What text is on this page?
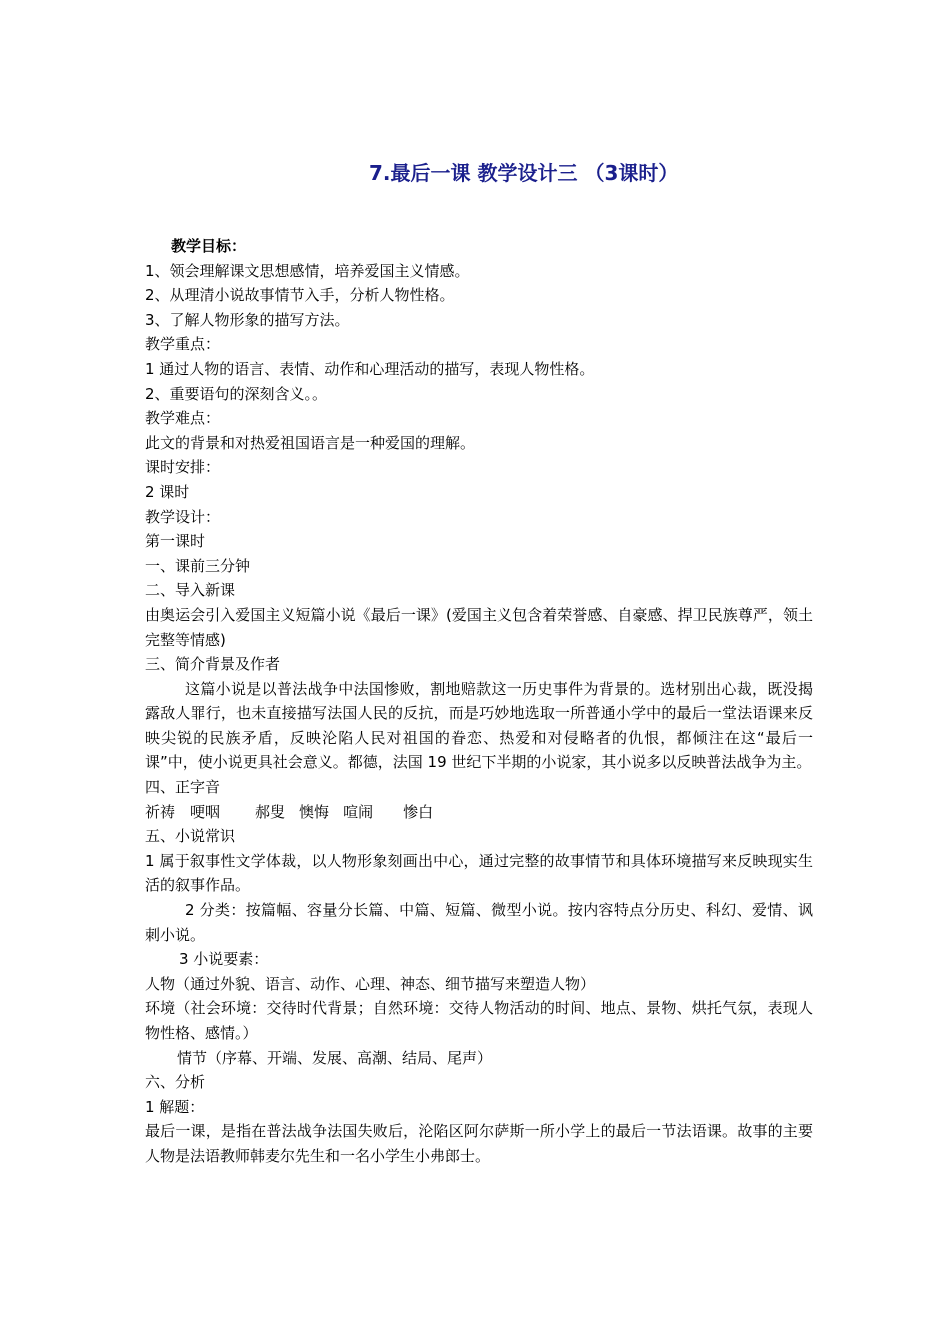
7.最后一课 教学设计三 （3课时）
教学目标：
1、领会理解课文思想感情，培养爱国主义情感。
2、从理清小说故事情节入手，分析人物性格。
3、了解人物形象的描写方法。
教学重点：
1 通过人物的语言、表情、动作和心理活动的描写，表现人物性格。
2、重要语句的深刻含义。。
教学难点：
此文的背景和对热爱祖国语言是一种爱国的理解。
课时安排：
2 课时
教学设计：
第一课时
一、课前三分钟
二、导入新课
由奥运会引入爱国主义短篇小说《最后一课》(爱国主义包含着荣誉感、自豪感、捍卫民族尊严，领土完整等情感)
三、简介背景及作者
这篇小说是以普法战争中法国惨败，割地赔款这一历史事件为背景的。选材别出心裁，既没揭露敌人罪行，也未直接描写法国人民的反抗，而是巧妙地选取一所普通小学中的最后一堂法语课来反映尖锐的民族矛盾，反映沦陷人民对祖国的眷恋、热爱和对侵略者的仇恨，都倾注在这“最后一课”中，使小说更具社会意义。都德，法国 19 世纪下半期的小说家，其小说多以反映普法战争为主。
四、正字音
祈祷 哽咽 郝叟 懊悔 喧闹 惨白
五、小说常识
1 属于叙事性文学体裁，以人物形象刻画出中心，通过完整的故事情节和具体环境描写来反映现实生活的叙事作品。
2 分类：按篇幅、容量分长篇、中篇、短篇、微型小说。按内容特点分历史、科幻、爱情、讽刺小说。
3 小说要素：
人物（通过外貌、语言、动作、心理、神态、细节描写来塑造人物）
环境（社会环境：交待时代背景；自然环境：交待人物活动的时间、地点、景物、烘托气氛，表现人物性格、感情。）
情节（序幕、开端、发展、高潮、结局、尾声）
六、分析
1 解题：
最后一课，是指在普法战争法国失败后，沦陷区阿尔萨斯一所小学上的最后一节法语课。故事的主要人物是法语教师韩麦尔先生和一名小学生小弗郎士。
